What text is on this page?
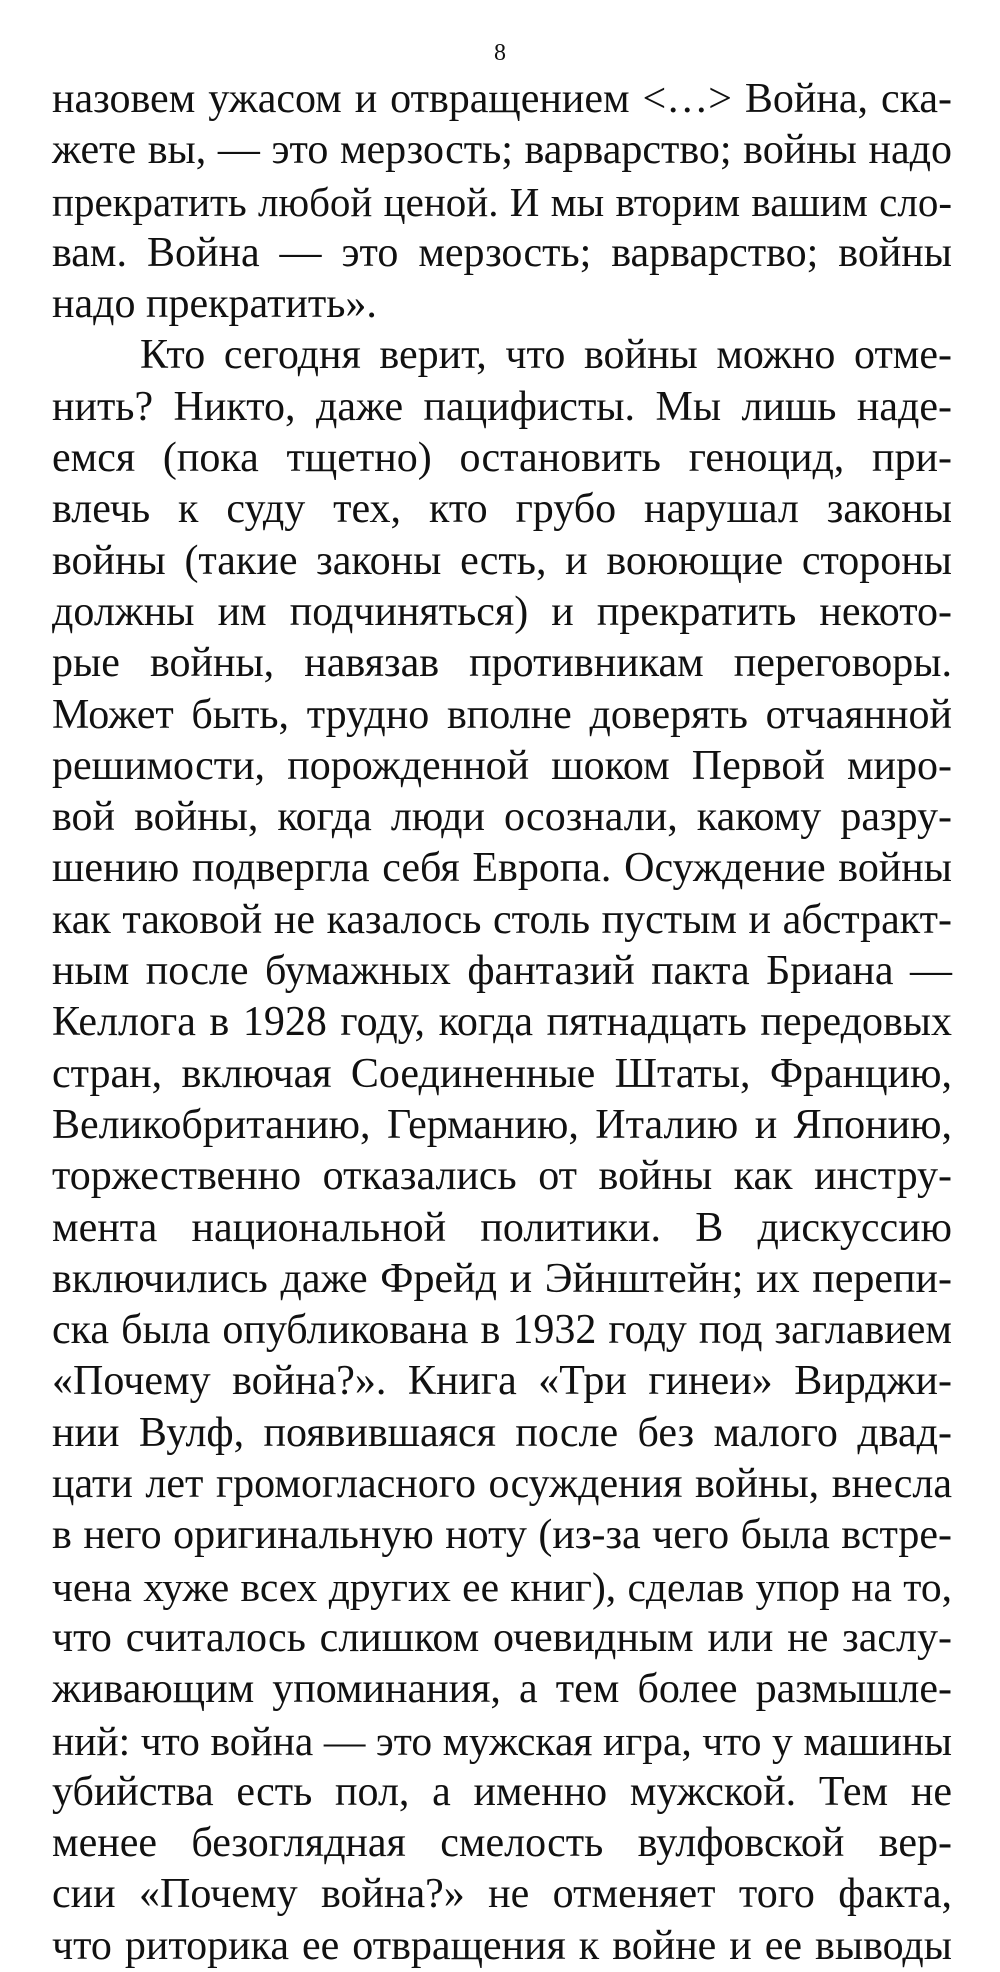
8
назовем ужасом и отвращением <…> Война, ска-
жете вы, — это мерзость; варварство; войны надо
прекратить любой ценой. И мы вторим вашим сло-
вам. Война — это мерзость; варварство; войны
надо прекратить».
Кто сегодня верит, что войны можно отме-
нить? Никто, даже пацифисты. Мы лишь наде-
емся (пока тщетно) остановить геноцид, при-
влечь к суду тех, кто грубо нарушал законы
войны (такие законы есть, и воюющие стороны
должны им подчиняться) и прекратить некото-
рые войны, навязав противникам переговоры.
Может быть, трудно вполне доверять отчаянной
решимости, порожденной шоком Первой миро-
вой войны, когда люди осознали, какому разру-
шению подвергла себя Европа. Осуждение войны
как таковой не казалось столь пустым и абстракт-
ным после бумажных фантазий пакта Бриана —
Келлога в 1928 году, когда пятнадцать передовых
стран, включая Соединенные Штаты, Францию,
Великобританию, Германию, Италию и Японию,
торжественно отказались от войны как инстру-
мента национальной политики. В дискуссию
включились даже Фрейд и Эйнштейн; их перепи-
ска была опубликована в 1932 году под заглавием
«Почему война?». Книга «Три гинеи» Вирджи-
нии Вулф, появившаяся после без малого двад-
цати лет громогласного осуждения войны, внесла
в него оригинальную ноту (из-за чего была встре-
чена хуже всех других ее книг), сделав упор на то,
что считалось слишком очевидным или не заслу-
живающим упоминания, а тем более размышле-
ний: что война — это мужская игра, что у машины
убийства есть пол, а именно мужской. Тем не
менее безоглядная смелость вулфовской вер-
сии «Почему война?» не отменяет того факта,
что риторика ее отвращения к войне и ее выводы
